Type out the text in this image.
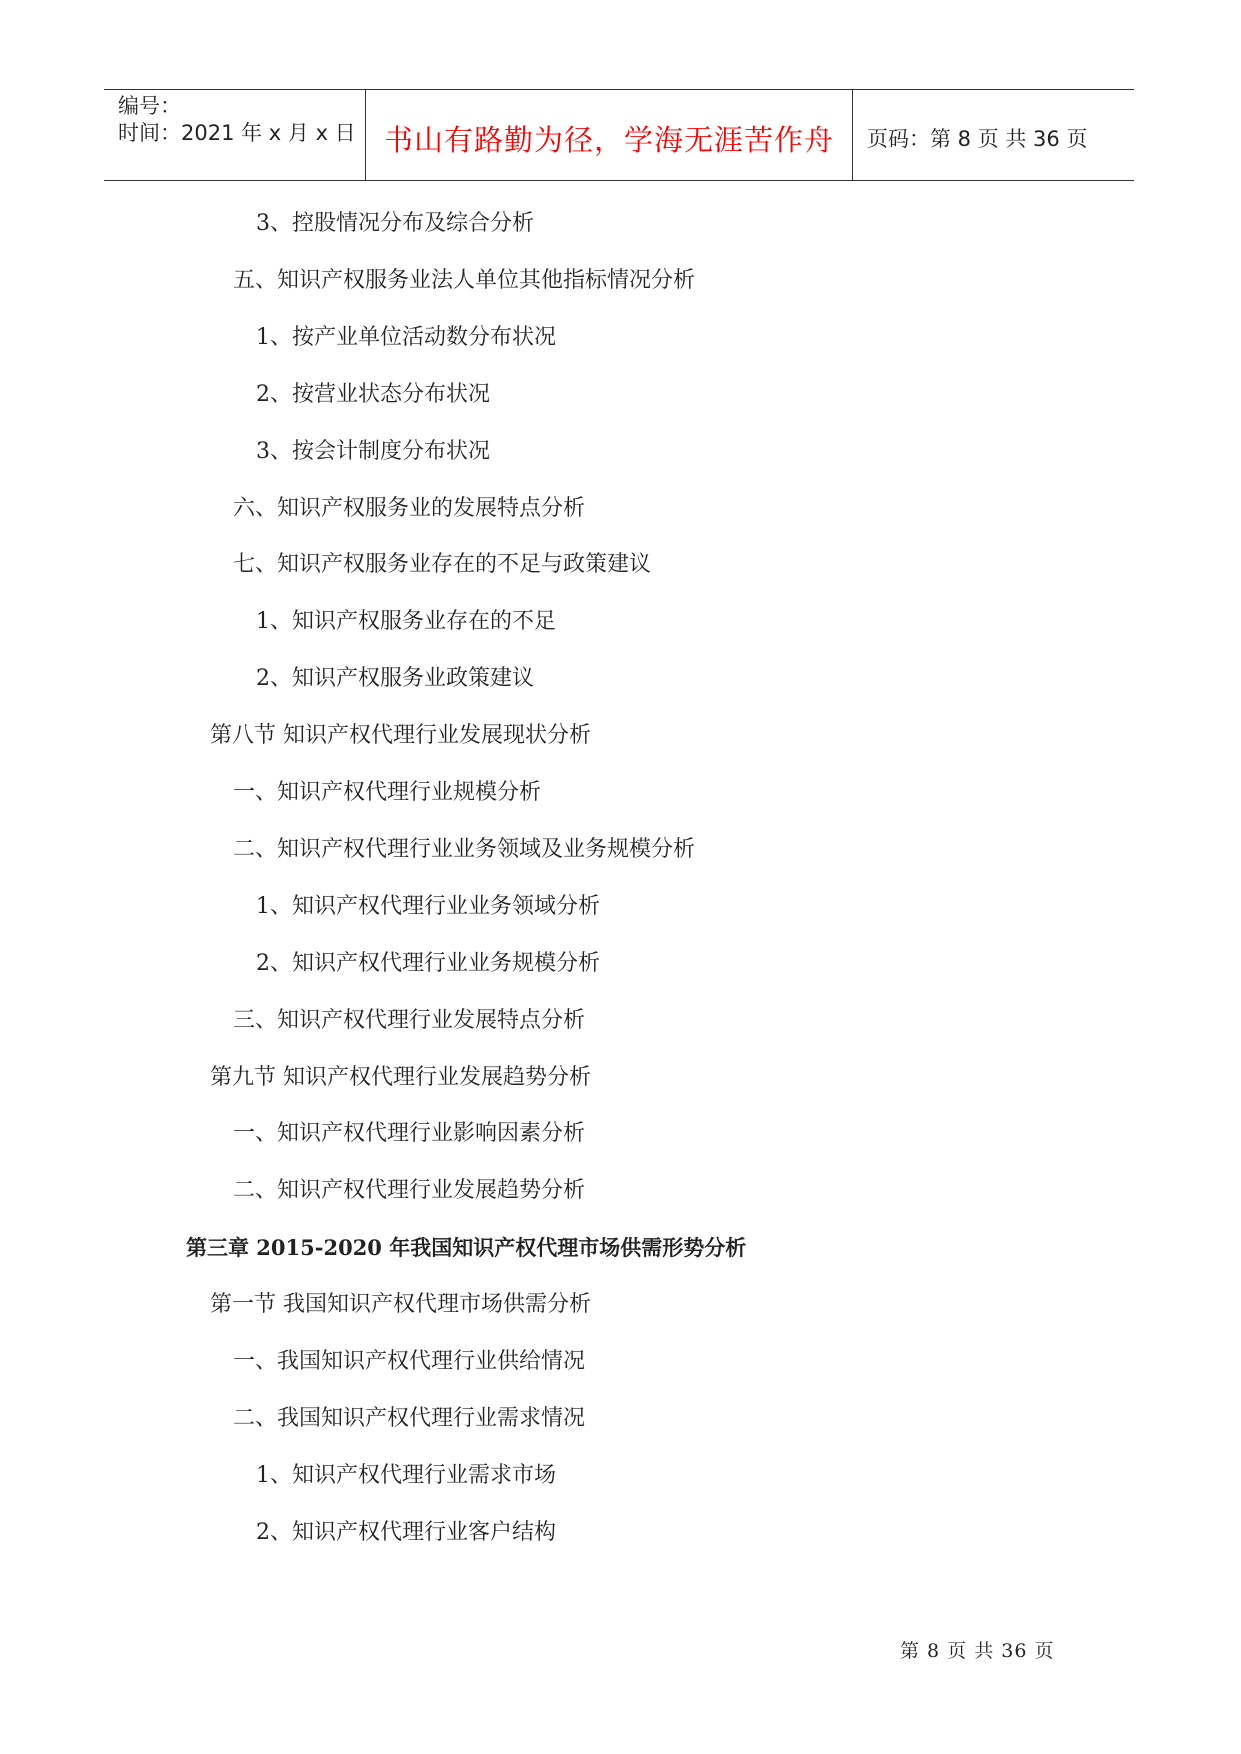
编号：
时间：2021 年 x 月 x 日 书山有路勤为径，学海无涯苦作舟	页码：第 8 页 共 36 页
3、控股情况分布及综合分析
五、知识产权服务业法人单位其他指标情况分析
1、按产业单位活动数分布状况
2、按营业状态分布状况
3、按会计制度分布状况
六、知识产权服务业的发展特点分析
七、知识产权服务业存在的不足与政策建议
1、知识产权服务业存在的不足
2、知识产权服务业政策建议
第八节 知识产权代理行业发展现状分析
一、知识产权代理行业规模分析
二、知识产权代理行业业务领域及业务规模分析
1、知识产权代理行业业务领域分析
2、知识产权代理行业业务规模分析
三、知识产权代理行业发展特点分析
第九节 知识产权代理行业发展趋势分析
一、知识产权代理行业影响因素分析
二、知识产权代理行业发展趋势分析
第三章 2015-2020 年我国知识产权代理市场供需形势分析
第一节 我国知识产权代理市场供需分析
一、我国知识产权代理行业供给情况
二、我国知识产权代理行业需求情况
1、知识产权代理行业需求市场
2、知识产权代理行业客户结构
第 8 页 共 36 页
